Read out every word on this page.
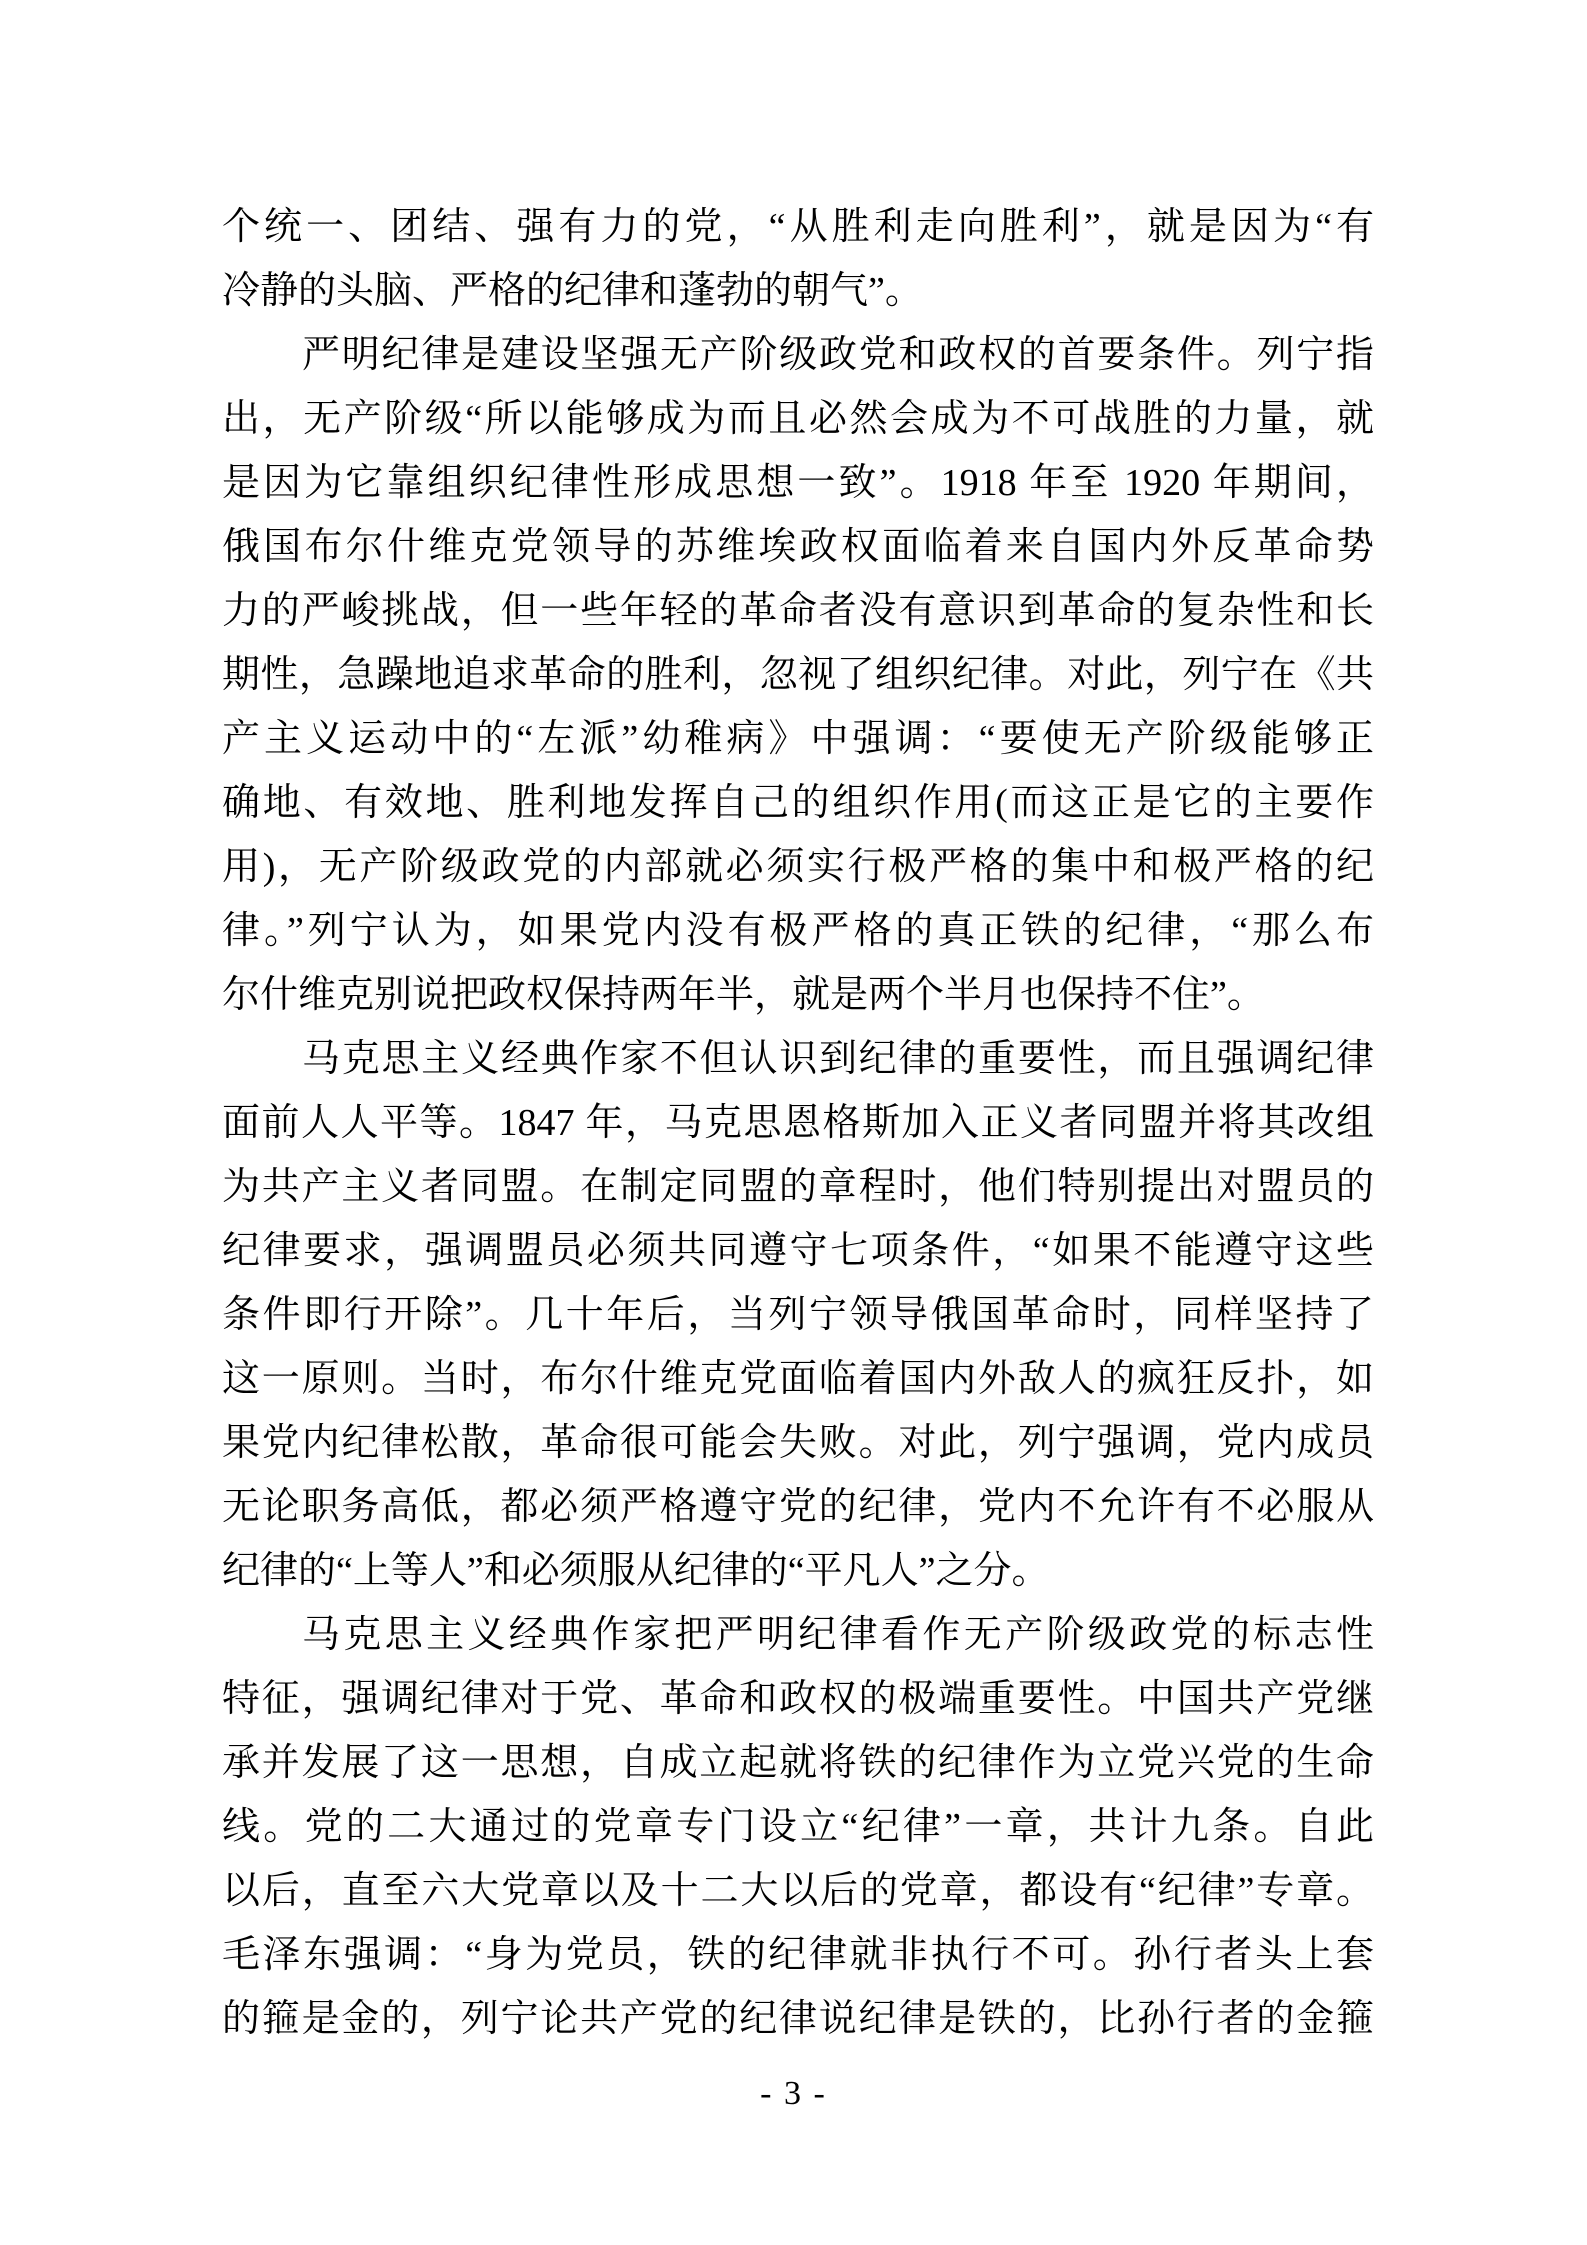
个统一、团结、强有力的党，“从胜利走向胜利”，就是因为“有
冷静的头脑、严格的纪律和蓬勃的朝气”。
严明纪律是建设坚强无产阶级政党和政权的首要条件。列宁指
出，无产阶级“所以能够成为而且必然会成为不可战胜的力量，就
是因为它靠组织纪律性形成思想一致”。1918 年至 1920 年期间，
俄国布尔什维克党领导的苏维埃政权面临着来自国内外反革命势
力的严峻挑战，但一些年轻的革命者没有意识到革命的复杂性和长
期性，急躁地追求革命的胜利，忽视了组织纪律。对此，列宁在《共
产主义运动中的“左派”幼稚病》中强调：“要使无产阶级能够正
确地、有效地、胜利地发挥自己的组织作用(而这正是它的主要作
用)，无产阶级政党的内部就必须实行极严格的集中和极严格的纪
律。”列宁认为，如果党内没有极严格的真正铁的纪律，“那么布
尔什维克别说把政权保持两年半，就是两个半月也保持不住”。
马克思主义经典作家不但认识到纪律的重要性，而且强调纪律
面前人人平等。1847 年，马克思恩格斯加入正义者同盟并将其改组
为共产主义者同盟。在制定同盟的章程时，他们特别提出对盟员的
纪律要求，强调盟员必须共同遵守七项条件，“如果不能遵守这些
条件即行开除”。几十年后，当列宁领导俄国革命时，同样坚持了
这一原则。当时，布尔什维克党面临着国内外敌人的疯狂反扑，如
果党内纪律松散，革命很可能会失败。对此，列宁强调，党内成员
无论职务高低，都必须严格遵守党的纪律，党内不允许有不必服从
纪律的“上等人”和必须服从纪律的“平凡人”之分。
马克思主义经典作家把严明纪律看作无产阶级政党的标志性
特征，强调纪律对于党、革命和政权的极端重要性。中国共产党继
承并发展了这一思想，自成立起就将铁的纪律作为立党兴党的生命
线。党的二大通过的党章专门设立“纪律”一章，共计九条。自此
以后，直至六大党章以及十二大以后的党章，都设有“纪律”专章。
毛泽东强调：“身为党员，铁的纪律就非执行不可。孙行者头上套
的箍是金的，列宁论共产党的纪律说纪律是铁的，比孙行者的金箍
- 3 -
